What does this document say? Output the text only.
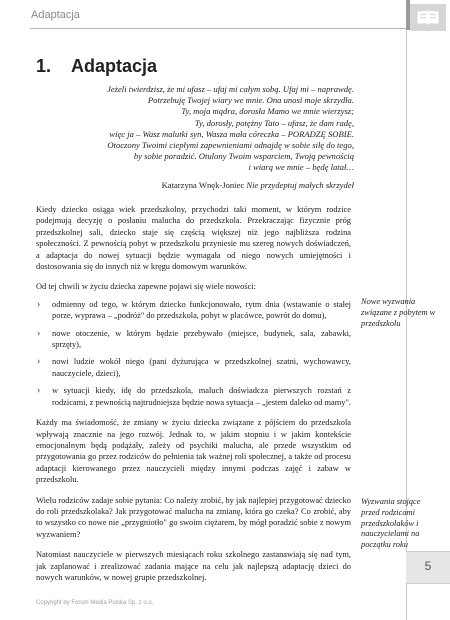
Adaptacja
1. Adaptacja
Jeżeli twierdzisz, że mi ufasz – ufaj mi całym sobą. Ufaj mi – naprawdę.
Potrzebuję Twojej wiary we mnie. Ona unosi moje skrzydła.
Ty, moja mądra, dorosła Mamo we mnie wierzysz;
Ty, dorosły, potężny Tato – ufasz, że dam radę,
więc ja – Wasz malutki syn, Wasza mała córeczka – PORADZĘ SOBIE.
Otoczony Twoimi ciepłymi zapewnieniami odnajdę w sobie siłę do tego,
by sobie poradzić. Otulony Twoim wsparciem, Twoją pewnością
i wiarą we mnie – będę latał…
Katarzyna Wnęk-Joniec Nie przydeptuj małych skrzydeł

Kiedy dziecko osiąga wiek przedszkolny, przychodzi taki moment, w którym rodzice podejmują decyzję o posłaniu malucha do przedszkola. Przekraczając fizycznie próg przedszkolnej sali, dziecko staje się częścią większej niż jego najbliższa rodzina społeczności. Z pewnością pobyt w przedszkolu przyniesie mu szereg nowych doświadczeń, a adaptacja do nowej sytuacji będzie wymagała od niego nowych umiejętności i dostosowania się do innych niż w kręgu domowym warunków.

Od tej chwili w życiu dziecka zapewne pojawi się wiele nowości:

› odmienny od tego, w którym dziecko funkcjonowało, rytm dnia (wstawanie o stałej porze, wyprawa – „podróż" do przedszkola, pobyt w placówce, powrót do domu),
› nowe otoczenie, w którym będzie przebywało (miejsce, budynek, sala, zabawki, sprzęty),
› nowi ludzie wokół niego (pani dyżurująca w przedszkolnej szatni, wychowawcy, nauczyciele, dzieci),
› w sytuacji kiedy, idę do przedszkola, maluch doświadcza pierwszych rozstań z rodzicami, z pewnością najtrudniejsza będzie nowa sytuacja – „jestem daleko od mamy".

Każdy ma świadomość, że zmiany w życiu dziecka związane z pójściem do przedszkola wpływają znacznie na jego rozwój. Jednak to, w jakim stopniu i w jakim kontekście emocjonalnym będą podążały, zależy od psychiki malucha, ale przede wszystkim od przygotowania go przez rodziców do pełnienia tak ważnej roli społecznej, a także od procesu adaptacji kierowanego przez nauczycieli między innymi podczas zajęć i zabaw w przedszkolu.

Wielu rodziców zadaje sobie pytania: Co należy zrobić, by jak najlepiej przygotować dziecko do roli przedszkolaka? Jak przygotować malucha na zmianę, która go czeka? Co zrobić, aby to wszystko co nowe nie „przygniotło" go swoim ciężarem, by mógł poradzić sobie z nowym wyzwaniem?

Natomiast nauczyciele w pierwszych miesiącach roku szkolnego zastanawiają się nad tym, jak zaplanować i zrealizować zadania mające na celu jak najlepszą adaptację dzieci do nowych warunków, w nowej grupie przedszkolnej.

Nowe wyzwania związane z pobytem w przedszkolu
Wyzwania stojące przed rodzicami przedszkolaków i nauczycielami na początku roku
5
Copyright by Forum Media Polska Sp. z o.o.
